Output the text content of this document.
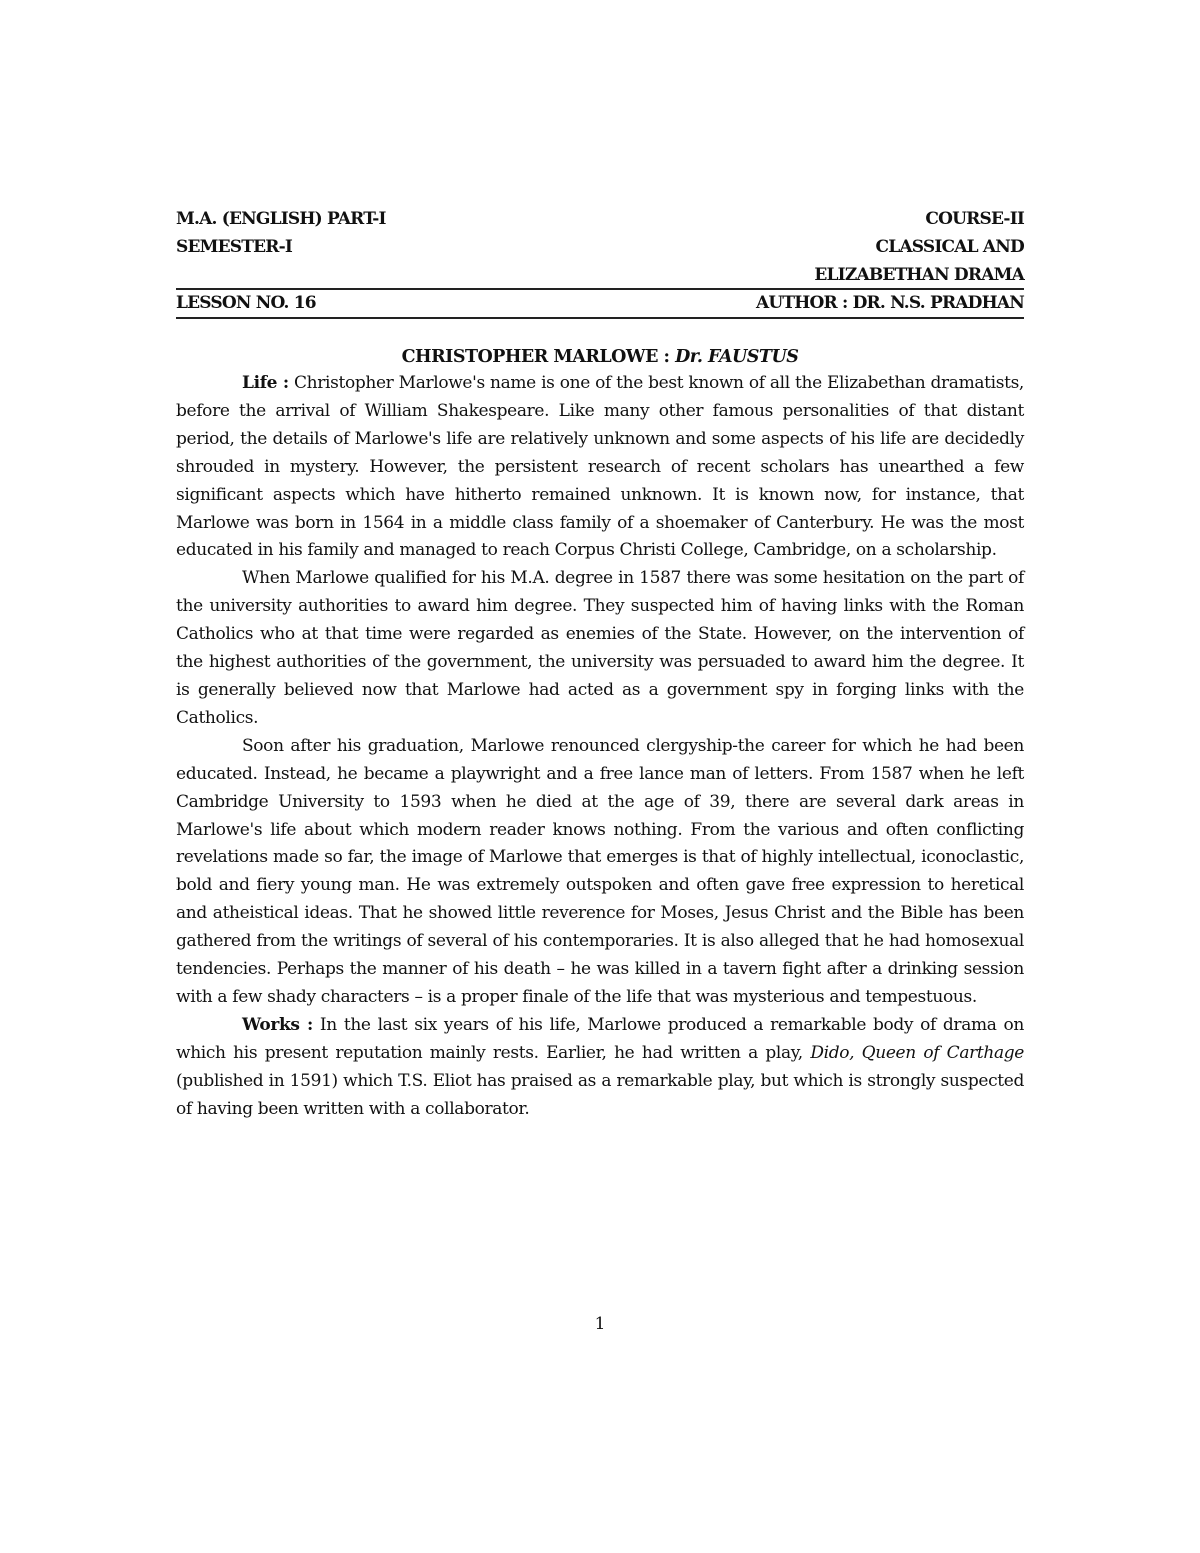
M.A. (ENGLISH) PART-I	COURSE-II
SEMESTER-I	CLASSICAL AND
ELIZABETHAN DRAMA
LESSON NO. 16	AUTHOR : DR. N.S. PRADHAN
CHRISTOPHER MARLOWE : Dr. FAUSTUS

Life : Christopher Marlowe's name is one of the best known of all the Elizabethan dramatists, before the arrival of William Shakespeare. Like many other famous personalities of that distant period, the details of Marlowe's life are relatively unknown and some aspects of his life are decidedly shrouded in mystery. However, the persistent research of recent scholars has unearthed a few significant aspects which have hitherto remained unknown. It is known now, for instance, that Marlowe was born in 1564 in a middle class family of a shoemaker of Canterbury. He was the most educated in his family and managed to reach Corpus Christi College, Cambridge, on a scholarship.

When Marlowe qualified for his M.A. degree in 1587 there was some hesitation on the part of the university authorities to award him degree. They suspected him of having links with the Roman Catholics who at that time were regarded as enemies of the State. However, on the intervention of the highest authorities of the government, the university was persuaded to award him the degree. It is generally believed now that Marlowe had acted as a government spy in forging links with the Catholics.

Soon after his graduation, Marlowe renounced clergyship-the career for which he had been educated. Instead, he became a playwright and a free lance man of letters. From 1587 when he left Cambridge University to 1593 when he died at the age of 39, there are several dark areas in Marlowe's life about which modern reader knows nothing. From the various and often conflicting revelations made so far, the image of Marlowe that emerges is that of highly intellectual, iconoclastic, bold and fiery young man. He was extremely outspoken and often gave free expression to heretical and atheistical ideas. That he showed little reverence for Moses, Jesus Christ and the Bible has been gathered from the writings of several of his contemporaries. It is also alleged that he had homosexual tendencies. Perhaps the manner of his death – he was killed in a tavern fight after a drinking session with a few shady characters – is a proper finale of the life that was mysterious and tempestuous.

Works : In the last six years of his life, Marlowe produced a remarkable body of drama on which his present reputation mainly rests. Earlier, he had written a play, Dido, Queen of Carthage (published in 1591) which T.S. Eliot has praised as a remarkable play, but which is strongly suspected of having been written with a collaborator.

1
